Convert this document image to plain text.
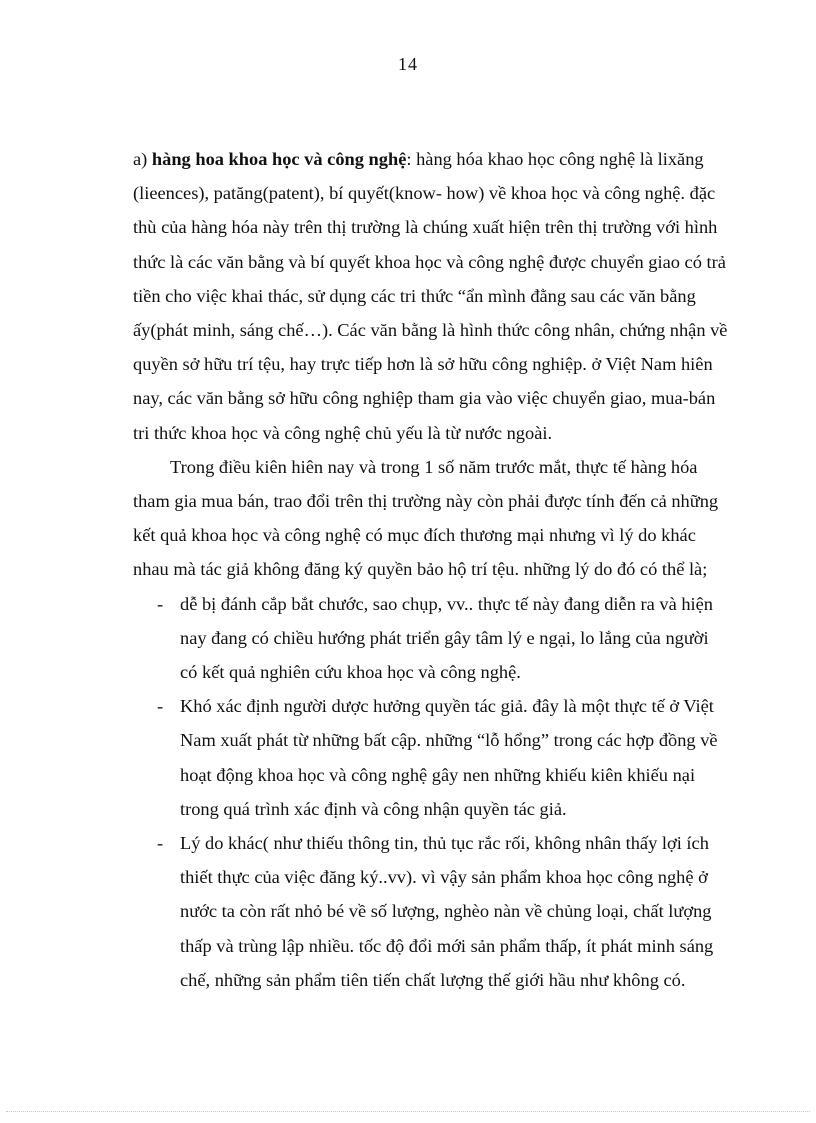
14

a) hàng hoa khoa học và công nghệ: hàng hóa khao học công nghệ là lixăng (lieences), patăng(patent), bí quyết(know- how) về khoa học và công nghệ. đặc thù của hàng hóa này trên thị trường là chúng xuất hiện trên thị trường với hình thức là các văn bằng và bí quyết khoa học và công nghệ được chuyển giao có trả tiền cho việc khai thác, sử dụng các tri thức “ẩn mình đằng sau các văn bằng ấy(phát minh, sáng chế…). Các văn bằng là hình thức công nhân, chứng nhận về quyền sở hữu trí tệu, hay trực tiếp hơn là sở hữu công nghiệp. ở Việt Nam hiên nay, các văn bằng sở hữu công nghiệp tham gia vào việc chuyển giao, mua-bán tri thức khoa học và công nghệ chủ yếu là từ nước ngoài.

Trong điều kiên hiên nay và trong 1 số năm trước mắt, thực tế hàng hóa tham gia mua bán, trao đổi trên thị trường này còn phải được tính đến cả những kết quả khoa học và công nghệ có mục đích thương mại nhưng vì lý do khác nhau mà tác giả không đăng ký quyền bảo hộ trí tệu. những lý do đó có thể là;

- dễ bị đánh cắp bắt chước, sao chụp, vv.. thực tế này đang diễn ra và hiện nay đang có chiều hướng phát triển gây tâm lý e ngại, lo lắng của người có kết quả nghiên cứu khoa học và công nghệ.
- Khó xác định người dược hưởng quyền tác giả. đây là một thực tế ở Việt Nam xuất phát từ những bất cập. những “lỗ hổng” trong các hợp đồng về hoạt động khoa học và công nghệ gây nen những khiếu kiên khiếu nại trong quá trình xác định và công nhận quyền tác giả.
- Lý do khác( như thiếu thông tin, thủ tục rắc rối, không nhân thấy lợi ích thiết thực của việc đăng ký..vv). vì vậy sản phẩm khoa học công nghệ ở nước ta còn rất nhỏ bé về số lượng, nghèo nàn về chủng loại, chất lượng thấp và trùng lập nhiều. tốc độ đổi mới sản phẩm thấp, ít phát minh sáng chế, những sản phẩm tiên tiến chất lượng thế giới hầu như không có.
